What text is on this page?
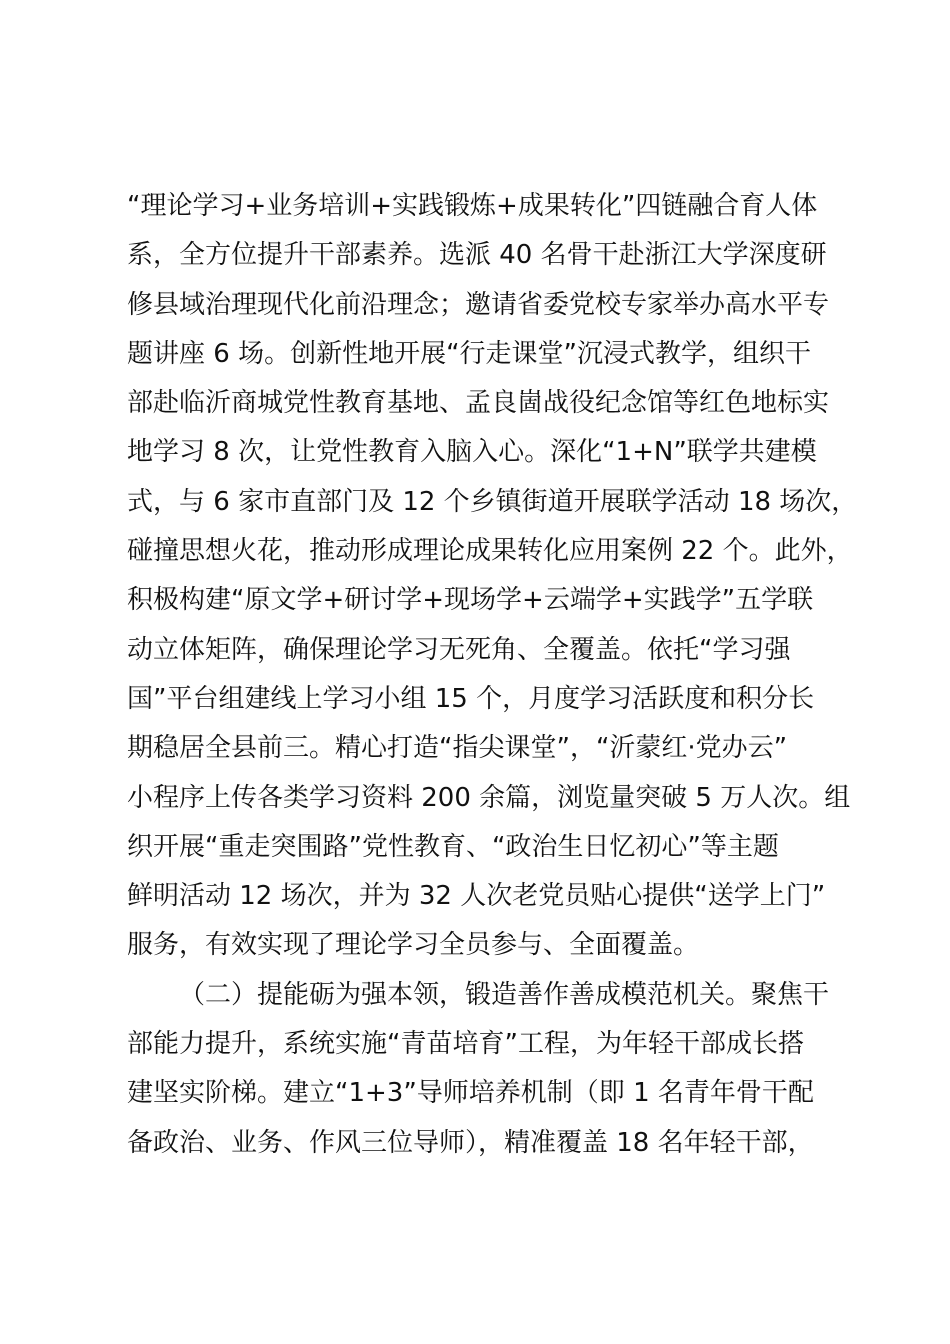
“理论学习+业务培训+实践锻炼+成果转化”四链融合育人体
系，全方位提升干部素养。选派 40 名骨干赴浙江大学深度研
修县域治理现代化前沿理念；邀请省委党校专家举办高水平专
题讲座 6 场。创新性地开展“行走课堂”沉浸式教学，组织干
部赴临沂商城党性教育基地、孟良崮战役纪念馆等红色地标实
地学习 8 次，让党性教育入脑入心。深化“1+N”联学共建模
式，与 6 家市直部门及 12 个乡镇街道开展联学活动 18 场次，
碰撞思想火花，推动形成理论成果转化应用案例 22 个。此外，
积极构建“原文学+研讨学+现场学+云端学+实践学”五学联
动立体矩阵，确保理论学习无死角、全覆盖。依托“学习强
国”平台组建线上学习小组 15 个，月度学习活跃度和积分长
期稳居全县前三。精心打造“指尖课堂”，“沂蒙红·党办云”
小程序上传各类学习资料 200 余篇，浏览量突破 5 万人次。组
织开展“重走突围路”党性教育、“政治生日忆初心”等主题
鲜明活动 12 场次，并为 32 人次老党员贴心提供“送学上门”
服务，有效实现了理论学习全员参与、全面覆盖。
（二）提能砺为强本领，锻造善作善成模范机关。聚焦干
部能力提升，系统实施“青苗培育”工程，为年轻干部成长搭
建坚实阶梯。建立“1+3”导师培养机制（即 1 名青年骨干配
备政治、业务、作风三位导师），精准覆盖 18 名年轻干部，
